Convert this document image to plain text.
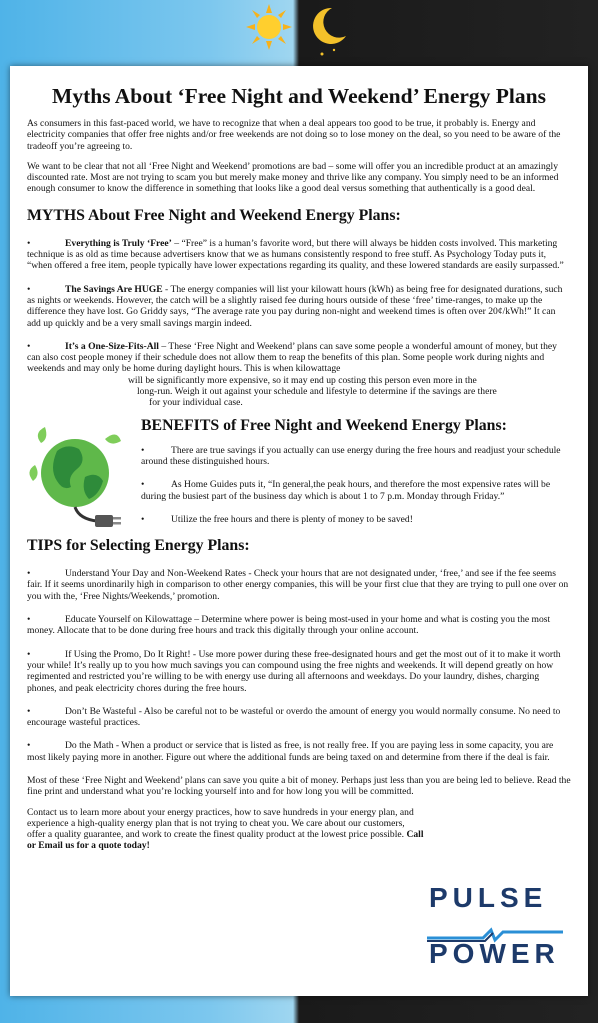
Myths About ‘Free Night and Weekend’ Energy Plans

As consumers in this fast-paced world, we have to recognize that when a deal appears too good to be true, it probably is. Energy and electricity companies that offer free nights and/or free weekends are not doing so to lose money on the deal, so you need to be aware of the tradeoff you’re agreeing to.

We want to be clear that not all ‘Free Night and Weekend’ promotions are bad – some will offer you an incredible product at an amazingly discounted rate. Most are not trying to scam you but merely make money and thrive like any company. You simply need to be an informed enough consumer to know the difference in something that looks like a good deal versus something that authentically is a good deal.

MYTHS About Free Night and Weekend Energy Plans:

•	Everything is Truly ‘Free’ – “Free” is a human’s favorite word, but there will always be hidden costs involved. This marketing technique is as old as time because advertisers know that we as humans consistently respond to free stuff. As Psychology Today puts it, “when offered a free item, people typically have lower expectations regarding its quality, and these lowered standards are easily surpassed.”

•	The Savings Are HUGE - The energy companies will list your kilowatt hours (kWh) as being free for designated durations, such as nights or weekends. However, the catch will be a slightly raised fee during hours outside of these ‘free’ time-ranges, to make up the difference they have lost. Go Griddy says, “The average rate you pay during non-night and weekend times is often over 20¢/kWh!” It can add up quickly and be a very small savings margin indeed.

•	It’s a One-Size-Fits-All – These ‘Free Night and Weekend’ plans can save some people a wonderful amount of money, but they can also cost people money if their schedule does not allow them to reap the benefits of this plan. Some people work during nights and weekends and may only be home during daylight hours. This is when kilowattage

will be significantly more expensive, so it may end up costing this person even more in the
long-run. Weigh it out against your schedule and lifestyle to determine if the savings are there
for your individual case.
BENEFITS of Free Night and Weekend Energy Plans:

•	There are true savings if you actually can use energy during the free hours and readjust your schedule around these distinguished hours.

•	As Home Guides puts it, “In general,the peak hours, and therefore the most expensive rates will be during the busiest part of the business day which is about 1 to 7 p.m. Monday through Friday.”

•	Utilize the free hours and there is plenty of money to be saved!

TIPS for Selecting Energy Plans:

•	Understand Your Day and Non-Weekend Rates - Check your hours that are not designated under, ‘free,’ and see if the fee seems fair. If it seems unordinarily high in comparison to other energy companies, this will be your first clue that they are trying to pull one over on you with the, ‘Free Nights/Weekends,’ promotion.

•	Educate Yourself on Kilowattage – Determine where power is being most-used in your home and what is costing you the most money. Allocate that to be done during free hours and track this digitally through your online account.

•	If Using the Promo, Do It Right! - Use more power during these free-designated hours and get the most out of it to make it worth your while! It’s really up to you how much savings you can compound using the free nights and weekends. It will depend greatly on how regimented and restricted you’re willing to be with energy use during all afternoons and weekdays. Do your laundry, dishes, charging phones, and peak electricity chores during the free hours.

•	Don’t Be Wasteful - Also be careful not to be wasteful or overdo the amount of energy you would normally consume. No need to encourage wasteful practices.

•	Do the Math - When a product or service that is listed as free, is not really free. If you are paying less in some capacity, you are most likely paying more in another. Figure out where the additional funds are being taxed on and determine from there if the deal is fair.

Most of these ‘Free Night and Weekend’ plans can save you quite a bit of money. Perhaps just less than you are being led to believe. Read the fine print and understand what you’re locking yourself into and for how long you will be committed.

Contact us to learn more about your energy practices, how to save hundreds in your energy plan, and experience a high-quality energy plan that is not trying to cheat you. We care about our customers, offer a quality guarantee, and work to create the finest quality product at the lowest price possible. Call or Email us for a quote today!

PULSE
POWER
